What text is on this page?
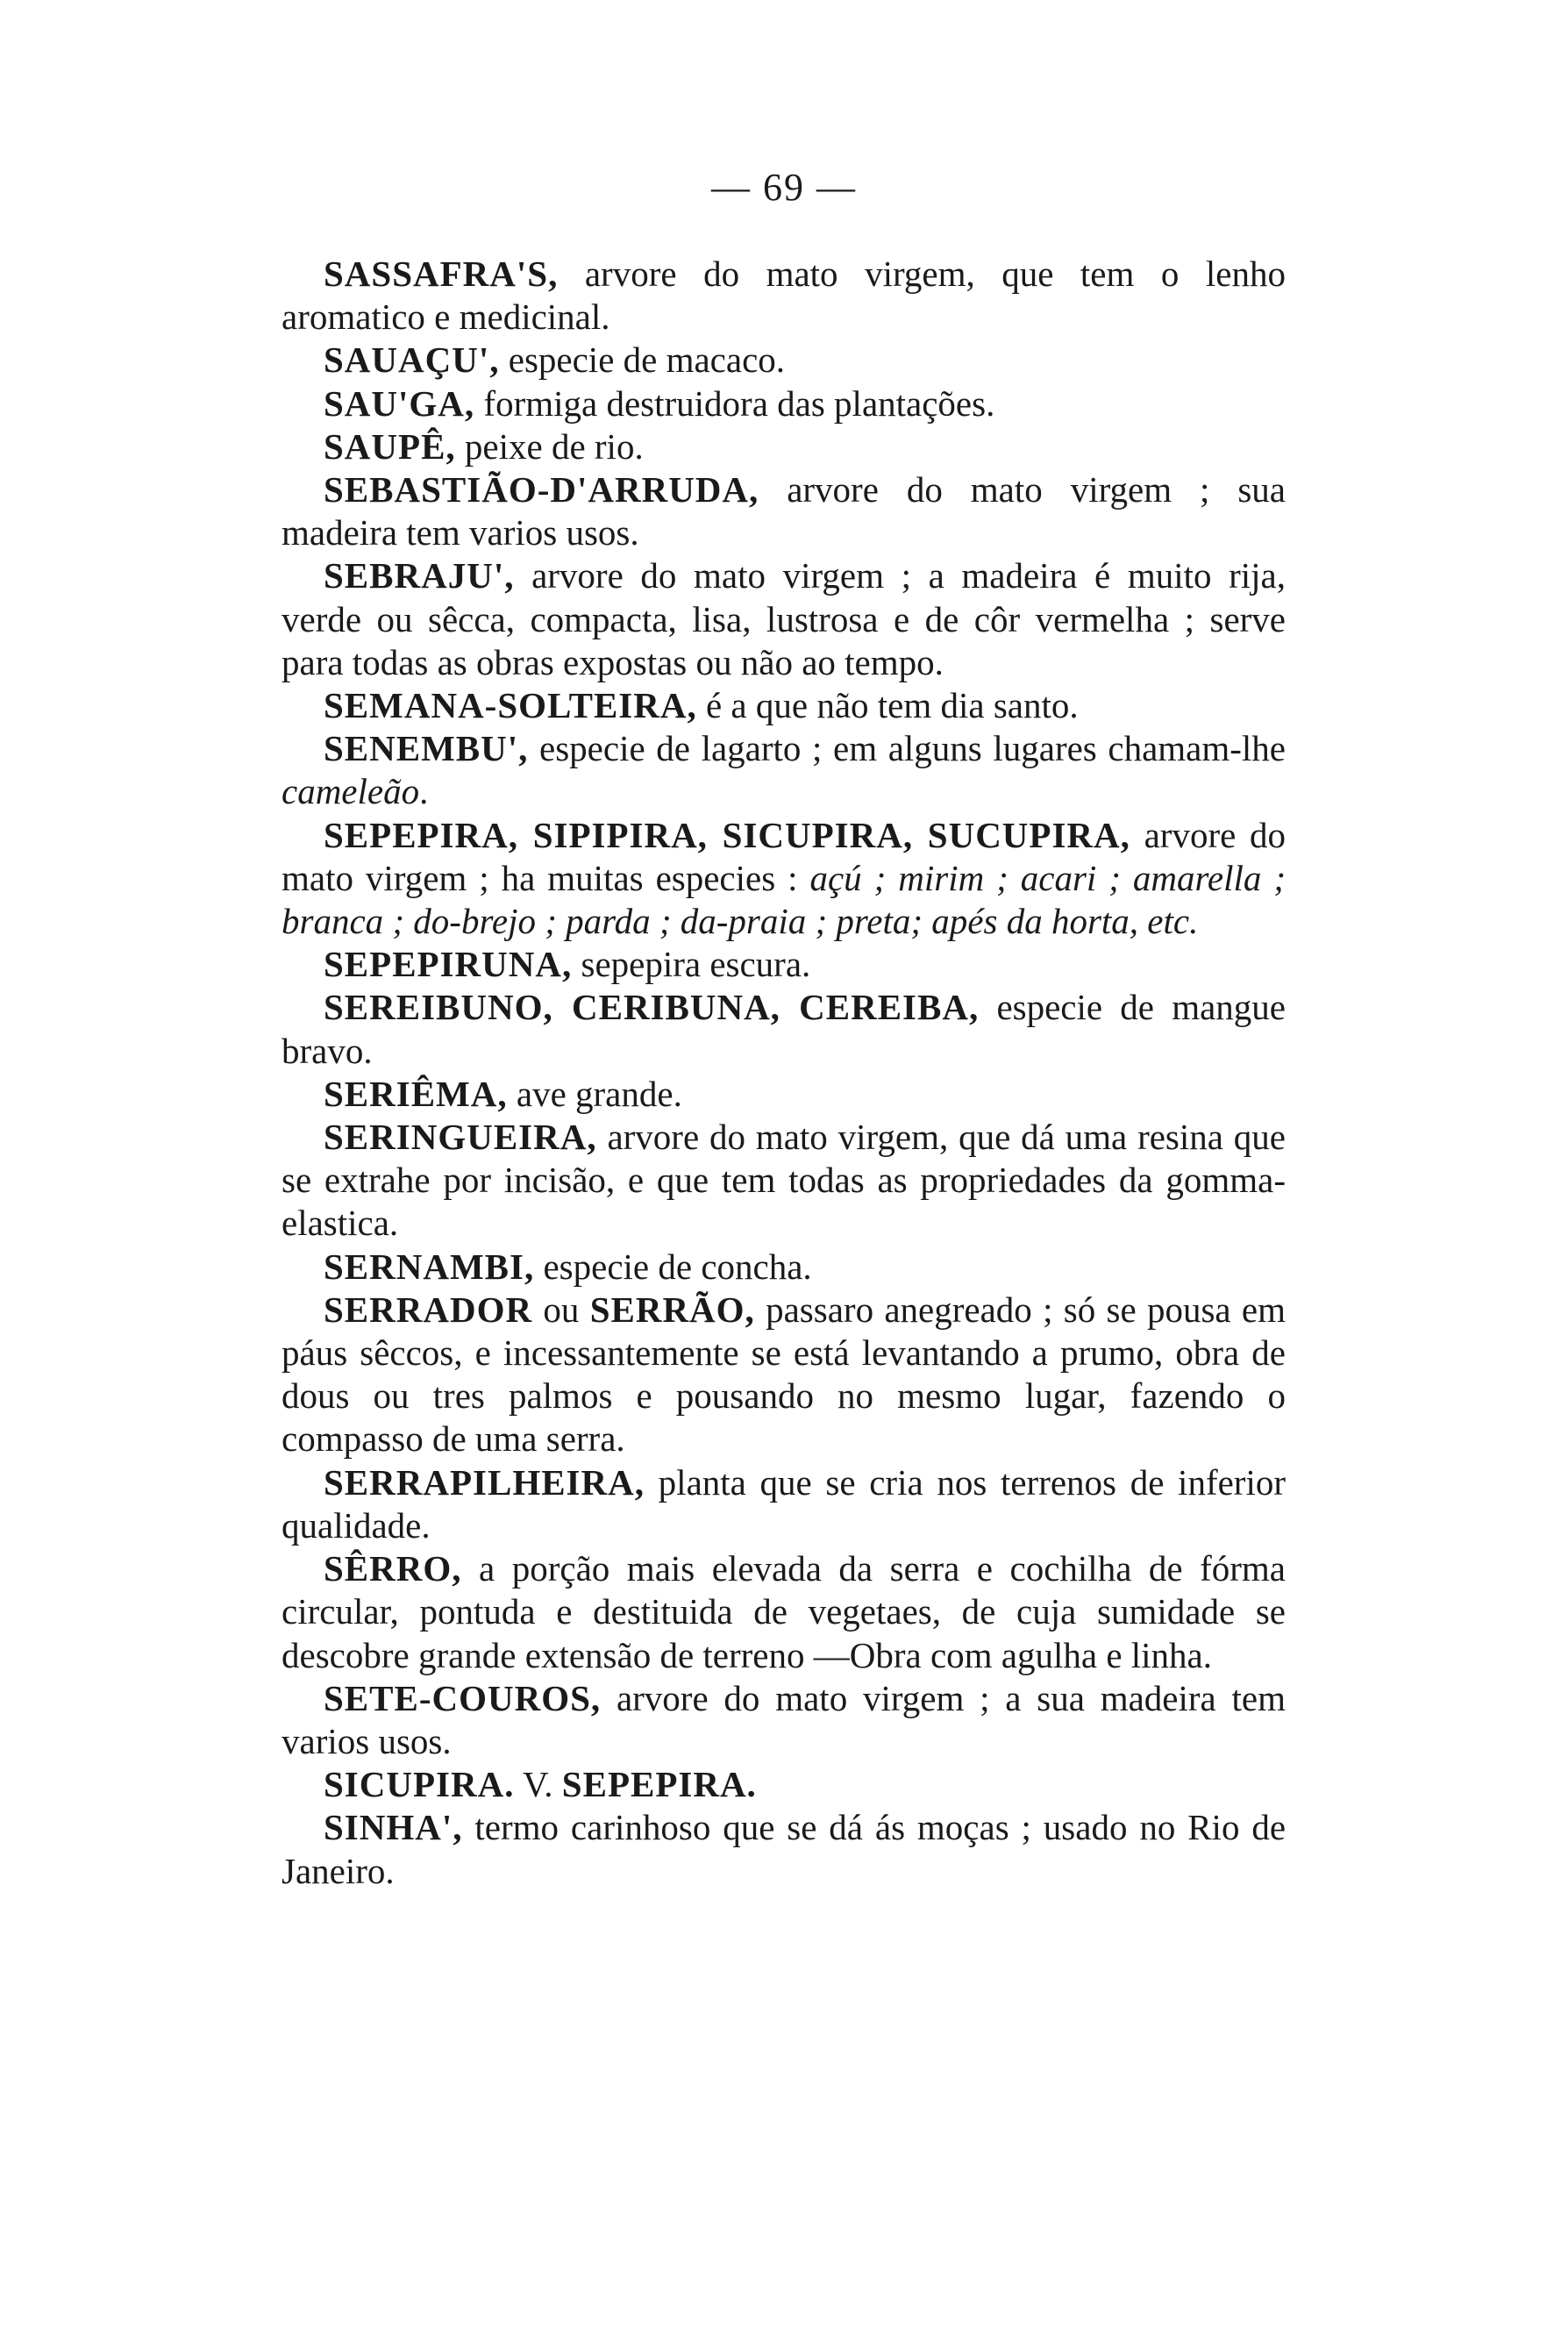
— 69 —

SASSAFRA'S, arvore do mato virgem, que tem o lenho aromatico e medicinal.

SAUAÇU', especie de macaco.

SAU'GA, formiga destruidora das plantações.

SAUPÊ, peixe de rio.

SEBASTIÃO-D'ARRUDA, arvore do mato virgem ; sua madeira tem varios usos.

SEBRAJU', arvore do mato virgem ; a madeira é muito rija, verde ou sêcca, compacta, lisa, lustrosa e de côr vermelha ; serve para todas as obras expostas ou não ao tempo.

SEMANA-SOLTEIRA, é a que não tem dia santo.

SENEMBU', especie de lagarto ; em alguns lugares chamam-lhe cameleão.

SEPEPIRA, SIPIPIRA, SICUPIRA, SUCUPIRA, arvore do mato virgem ; ha muitas especies : açú ; mirim ; acari ; amarella ; branca ; do-brejo ; parda ; da-praia ; preta; apés da horta, etc.

SEPEPIRUNA, sepepira escura.

SEREIBUNO, CERIBUNA, CEREIBA, especie de mangue bravo.

SERIÊMA, ave grande.

SERINGUEIRA, arvore do mato virgem, que dá uma resina que se extrahe por incisão, e que tem todas as propriedades da gomma-elastica.

SERNAMBI, especie de concha.

SERRADOR ou SERRÃO, passaro anegreado ; só se pousa em páus sêccos, e incessantemente se está levantando a prumo, obra de dous ou tres palmos e pousando no mesmo lugar, fazendo o compasso de uma serra.

SERRAPILHEIRA, planta que se cria nos terrenos de inferior qualidade.

SÊRRO, a porção mais elevada da serra e cochilha de fórma circular, pontuda e destituida de vegetaes, de cuja sumidade se descobre grande extensão de terreno —Obra com agulha e linha.

SETE-COUROS, arvore do mato virgem ; a sua madeira tem varios usos.

SICUPIRA. V. SEPEPIRA.

SINHA', termo carinhoso que se dá ás moças ; usado no Rio de Janeiro.
